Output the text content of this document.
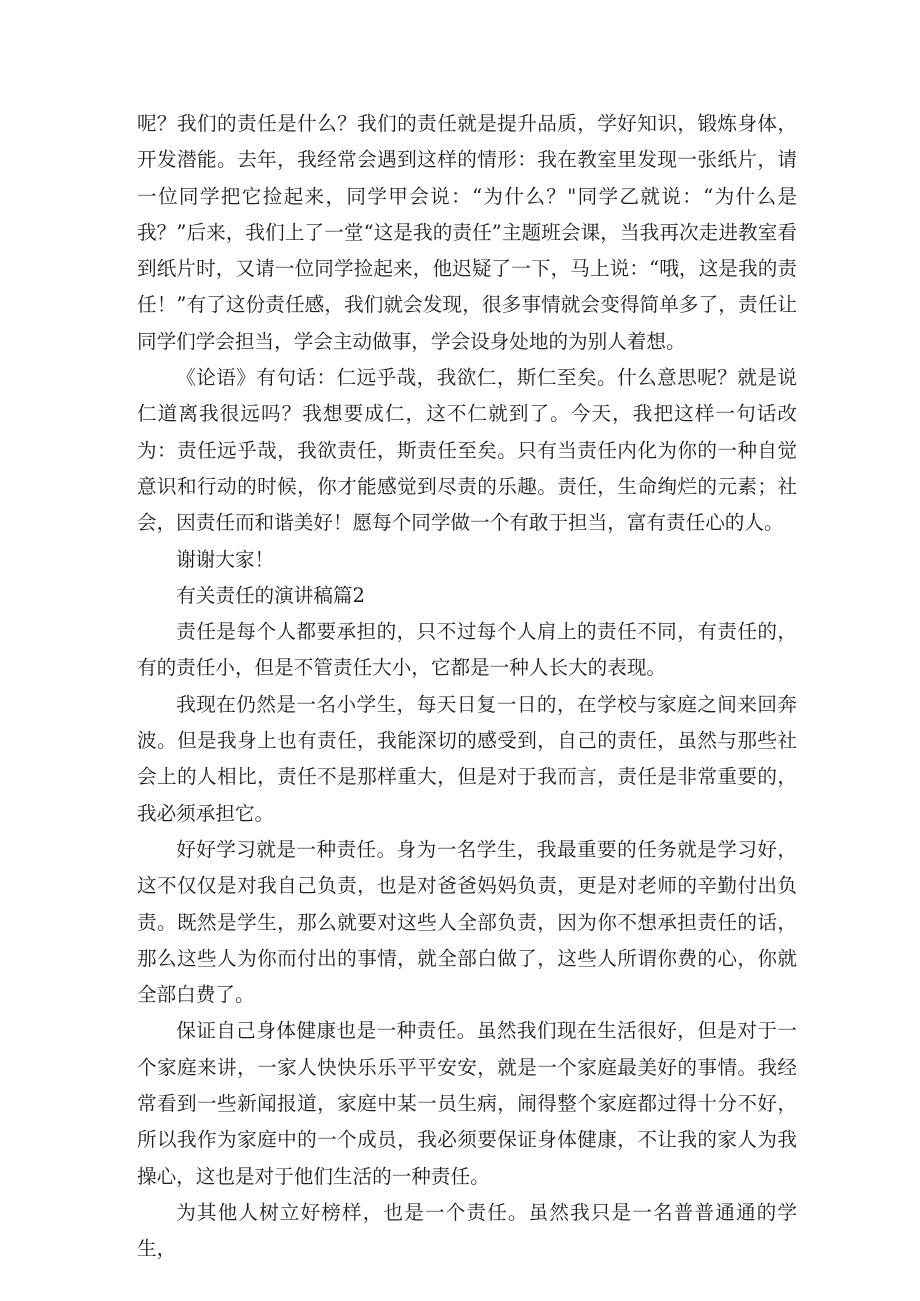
呢？我们的责任是什么？我们的责任就是提升品质，学好知识，锻炼身体，开发潜能。去年，我经常会遇到这样的情形：我在教室里发现一张纸片，请一位同学把它捡起来，同学甲会说：“为什么？"同学乙就说：“为什么是我？”后来，我们上了一堂“这是我的责任”主题班会课，当我再次走进教室看到纸片时，又请一位同学捡起来，他迟疑了一下，马上说：“哦，这是我的责任！”有了这份责任感，我们就会发现，很多事情就会变得简单多了，责任让同学们学会担当，学会主动做事，学会设身处地的为别人着想。

《论语》有句话：仁远乎哉，我欲仁，斯仁至矣。什么意思呢？就是说仁道离我很远吗？我想要成仁，这不仁就到了。今天，我把这样一句话改为：责任远乎哉，我欲责任，斯责任至矣。只有当责任内化为你的一种自觉意识和行动的时候，你才能感觉到尽责的乐趣。责任，生命绚烂的元素；社会，因责任而和谐美好！愿每个同学做一个有敢于担当，富有责任心的人。

谢谢大家！

有关责任的演讲稿篇2

责任是每个人都要承担的，只不过每个人肩上的责任不同，有责任的，有的责任小，但是不管责任大小，它都是一种人长大的表现。

我现在仍然是一名小学生，每天日复一日的，在学校与家庭之间来回奔波。但是我身上也有责任，我能深切的感受到，自己的责任，虽然与那些社会上的人相比，责任不是那样重大，但是对于我而言，责任是非常重要的，我必须承担它。

好好学习就是一种责任。身为一名学生，我最重要的任务就是学习好，这不仅仅是对我自己负责，也是对爸爸妈妈负责，更是对老师的辛勤付出负责。既然是学生，那么就要对这些人全部负责，因为你不想承担责任的话，那么这些人为你而付出的事情，就全部白做了，这些人所谓你费的心，你就全部白费了。

保证自己身体健康也是一种责任。虽然我们现在生活很好，但是对于一个家庭来讲，一家人快快乐乐平平安安，就是一个家庭最美好的事情。我经常看到一些新闻报道，家庭中某一员生病，闹得整个家庭都过得十分不好，所以我作为家庭中的一个成员，我必须要保证身体健康，不让我的家人为我操心，这也是对于他们生活的一种责任。

为其他人树立好榜样，也是一个责任。虽然我只是一名普普通通的学生，
